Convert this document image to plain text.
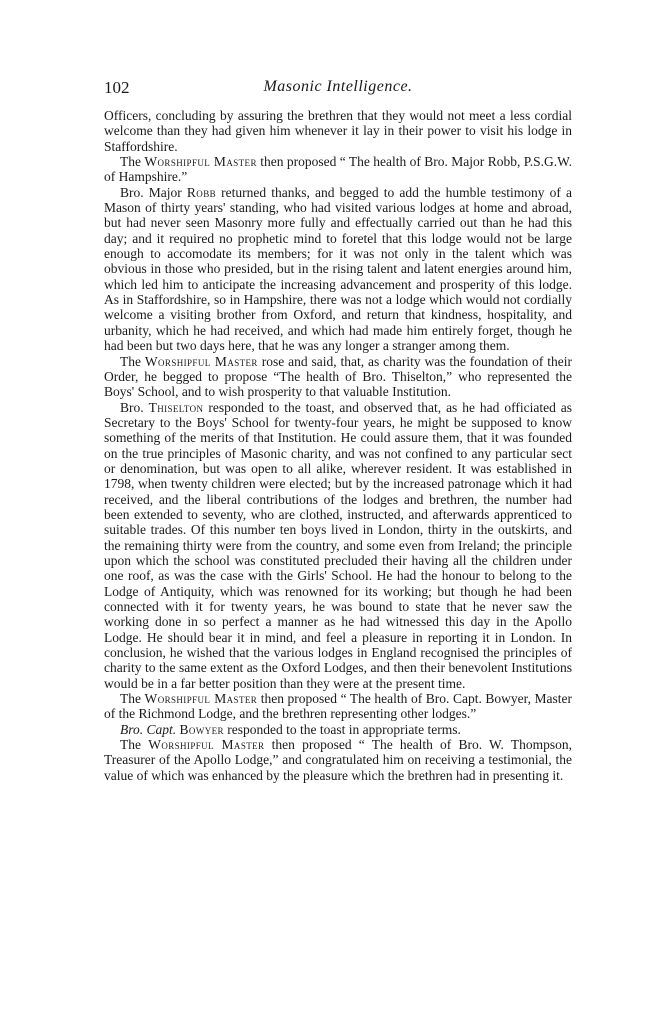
102	Masonic Intelligence.

Officers, concluding by assuring the brethren that they would not meet a less cordial welcome than they had given him whenever it lay in their power to visit his lodge in Staffordshire.

The Worshipful Master then proposed “ The health of Bro. Major Robb, P.S.G.W. of Hampshire.”

Bro. Major Robb returned thanks, and begged to add the humble testimony of a Mason of thirty years' standing, who had visited various lodges at home and abroad, but had never seen Masonry more fully and effectually carried out than he had this day; and it required no prophetic mind to foretel that this lodge would not be large enough to accomodate its members; for it was not only in the talent which was obvious in those who presided, but in the rising talent and latent energies around him, which led him to anticipate the increasing advancement and prosperity of this lodge. As in Staffordshire, so in Hampshire, there was not a lodge which would not cordially welcome a visiting brother from Oxford, and return that kindness, hospitality, and urbanity, which he had received, and which had made him entirely forget, though he had been but two days here, that he was any longer a stranger among them.

The Worshipful Master rose and said, that, as charity was the foundation of their Order, he begged to propose “The health of Bro. Thiselton,” who represented the Boys' School, and to wish prosperity to that valuable Institution.

Bro. Thiselton responded to the toast, and observed that, as he had officiated as Secretary to the Boys' School for twenty-four years, he might be supposed to know something of the merits of that Institution. He could assure them, that it was founded on the true principles of Masonic charity, and was not confined to any particular sect or denomination, but was open to all alike, wherever resident. It was established in 1798, when twenty children were elected; but by the increased patronage which it had received, and the liberal contributions of the lodges and brethren, the number had been extended to seventy, who are clothed, instructed, and afterwards apprenticed to suitable trades. Of this number ten boys lived in London, thirty in the outskirts, and the remaining thirty were from the country, and some even from Ireland; the principle upon which the school was constituted precluded their having all the children under one roof, as was the case with the Girls' School. He had the honour to belong to the Lodge of Antiquity, which was renowned for its working; but though he had been connected with it for twenty years, he was bound to state that he never saw the working done in so perfect a manner as he had witnessed this day in the Apollo Lodge. He should bear it in mind, and feel a pleasure in reporting it in London. In conclusion, he wished that the various lodges in England recognised the principles of charity to the same extent as the Oxford Lodges, and then their benevolent Institutions would be in a far better position than they were at the present time.

The Worshipful Master then proposed “ The health of Bro. Capt. Bowyer, Master of the Richmond Lodge, and the brethren representing other lodges.”

Bro. Capt. Bowyer responded to the toast in appropriate terms.

The Worshipful Master then proposed “ The health of Bro. W. Thompson, Treasurer of the Apollo Lodge,” and congratulated him on receiving a testimonial, the value of which was enhanced by the pleasure which the brethren had in presenting it.
